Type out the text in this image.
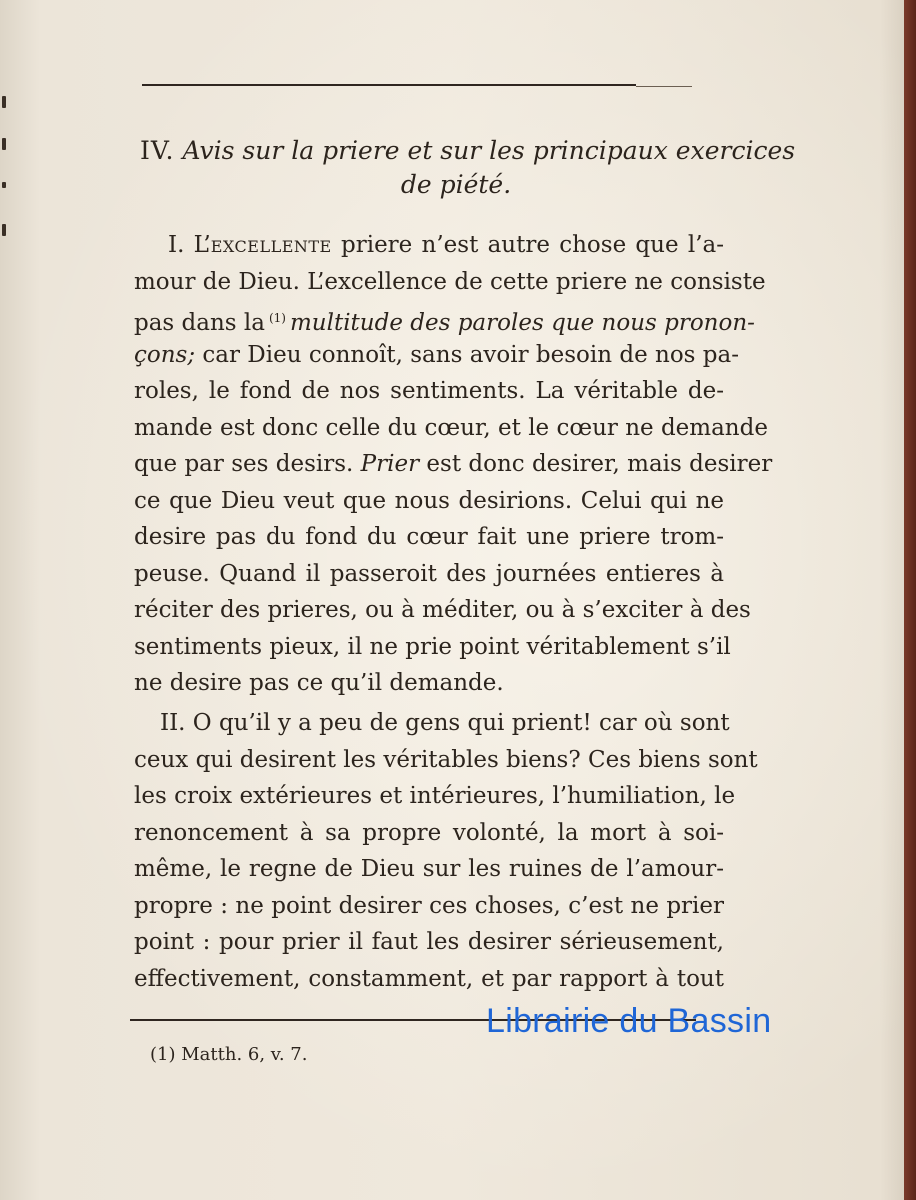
IV. Avis sur la priere et sur les principaux exercices
de piété.
I. L’excellente priere n’est autre chose que l’a-
mour de Dieu. L’excellence de cette priere ne consiste
pas dans la $^{(1)}$ multitude des paroles que nous pronon-
çons; car Dieu connoît, sans avoir besoin de nos pa-
roles, le fond de nos sentiments. La véritable de-
mande est donc celle du cœur, et le cœur ne demande
que par ses desirs. Prier est donc desirer, mais desirer
ce que Dieu veut que nous desirions. Celui qui ne
desire pas du fond du cœur fait une priere trom-
peuse. Quand il passeroit des journées entieres à
réciter des prieres, ou à méditer, ou à s’exciter à des
sentiments pieux, il ne prie point véritablement s’il
ne desire pas ce qu’il demande.
II. O qu’il y a peu de gens qui prient! car où sont
ceux qui desirent les véritables biens? Ces biens sont
les croix extérieures et intérieures, l’humiliation, le
renoncement à sa propre volonté, la mort à soi-
même, le regne de Dieu sur les ruines de l’amour-
propre : ne point desirer ces choses, c’est ne prier
point : pour prier il faut les desirer sérieusement,
effectivement, constamment, et par rapport à tout
Librairie du Bassin
(1) Matth. 6, v. 7.
